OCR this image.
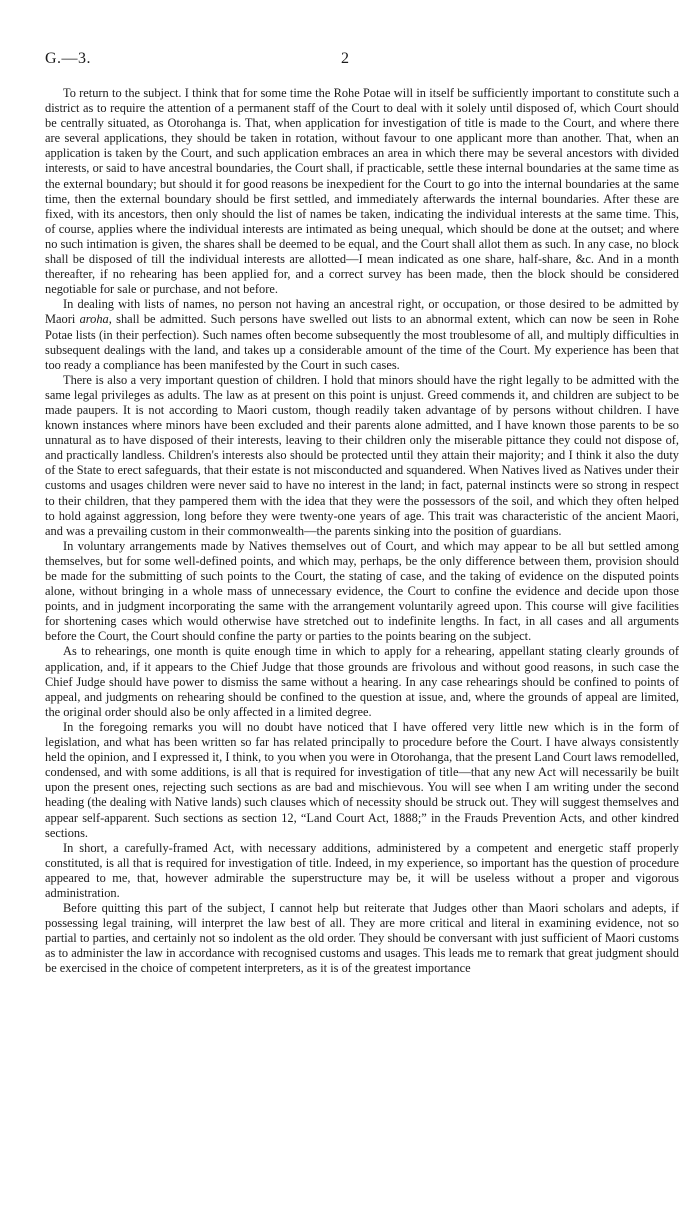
G.—3.	2

To return to the subject. I think that for some time the Rohe Potae will in itself be sufficiently important to constitute such a district as to require the attention of a permanent staff of the Court to deal with it solely until disposed of, which Court should be centrally situated, as Otorohanga is. That, when application for investigation of title is made to the Court, and where there are several applications, they should be taken in rotation, without favour to one applicant more than another. That, when an application is taken by the Court, and such application embraces an area in which there may be several ancestors with divided interests, or said to have ancestral boundaries, the Court shall, if practicable, settle these internal boundaries at the same time as the external boundary; but should it for good reasons be inexpedient for the Court to go into the internal boundaries at the same time, then the external boundary should be first settled, and immediately afterwards the internal boundaries. After these are fixed, with its ancestors, then only should the list of names be taken, indicating the individual interests at the same time. This, of course, applies where the individual interests are intimated as being unequal, which should be done at the outset; and where no such intimation is given, the shares shall be deemed to be equal, and the Court shall allot them as such. In any case, no block shall be disposed of till the individual interests are allotted—I mean indicated as one share, half-share, &c. And in a month thereafter, if no rehearing has been applied for, and a correct survey has been made, then the block should be considered negotiable for sale or purchase, and not before.

In dealing with lists of names, no person not having an ancestral right, or occupation, or those desired to be admitted by Maori aroha, shall be admitted. Such persons have swelled out lists to an abnormal extent, which can now be seen in Rohe Potae lists (in their perfection). Such names often become subsequently the most troublesome of all, and multiply difficulties in subsequent dealings with the land, and takes up a considerable amount of the time of the Court. My experience has been that too ready a compliance has been manifested by the Court in such cases.

There is also a very important question of children. I hold that minors should have the right legally to be admitted with the same legal privileges as adults. The law as at present on this point is unjust. Greed commends it, and children are subject to be made paupers. It is not according to Maori custom, though readily taken advantage of by persons without children. I have known instances where minors have been excluded and their parents alone admitted, and I have known those parents to be so unnatural as to have disposed of their interests, leaving to their children only the miserable pittance they could not dispose of, and practically landless. Children's interests also should be protected until they attain their majority; and I think it also the duty of the State to erect safeguards, that their estate is not misconducted and squandered. When Natives lived as Natives under their customs and usages children were never said to have no interest in the land; in fact, paternal instincts were so strong in respect to their children, that they pampered them with the idea that they were the possessors of the soil, and which they often helped to hold against aggression, long before they were twenty-one years of age. This trait was characteristic of the ancient Maori, and was a prevailing custom in their commonwealth—the parents sinking into the position of guardians.

In voluntary arrangements made by Natives themselves out of Court, and which may appear to be all but settled among themselves, but for some well-defined points, and which may, perhaps, be the only difference between them, provision should be made for the submitting of such points to the Court, the stating of case, and the taking of evidence on the disputed points alone, without bringing in a whole mass of unnecessary evidence, the Court to confine the evidence and decide upon those points, and in judgment incorporating the same with the arrangement voluntarily agreed upon. This course will give facilities for shortening cases which would otherwise have stretched out to indefinite lengths. In fact, in all cases and all arguments before the Court, the Court should confine the party or parties to the points bearing on the subject.

As to rehearings, one month is quite enough time in which to apply for a rehearing, appellant stating clearly grounds of application, and, if it appears to the Chief Judge that those grounds are frivolous and without good reasons, in such case the Chief Judge should have power to dismiss the same without a hearing. In any case rehearings should be confined to points of appeal, and judgments on rehearing should be confined to the question at issue, and, where the grounds of appeal are limited, the original order should also be only affected in a limited degree.

In the foregoing remarks you will no doubt have noticed that I have offered very little new which is in the form of legislation, and what has been written so far has related principally to procedure before the Court. I have always consistently held the opinion, and I expressed it, I think, to you when you were in Otorohanga, that the present Land Court laws remodelled, condensed, and with some additions, is all that is required for investigation of title—that any new Act will necessarily be built upon the present ones, rejecting such sections as are bad and mischievous. You will see when I am writing under the second heading (the dealing with Native lands) such clauses which of necessity should be struck out. They will suggest themselves and appear self-apparent. Such sections as section 12, “Land Court Act, 1888;” in the Frauds Prevention Acts, and other kindred sections.

In short, a carefully-framed Act, with necessary additions, administered by a competent and energetic staff properly constituted, is all that is required for investigation of title. Indeed, in my experience, so important has the question of procedure appeared to me, that, however admirable the superstructure may be, it will be useless without a proper and vigorous administration.

Before quitting this part of the subject, I cannot help but reiterate that Judges other than Maori scholars and adepts, if possessing legal training, will interpret the law best of all. They are more critical and literal in examining evidence, not so partial to parties, and certainly not so indolent as the old order. They should be conversant with just sufficient of Maori customs as to administer the law in accordance with recognised customs and usages. This leads me to remark that great judgment should be exercised in the choice of competent interpreters, as it is of the greatest importance
